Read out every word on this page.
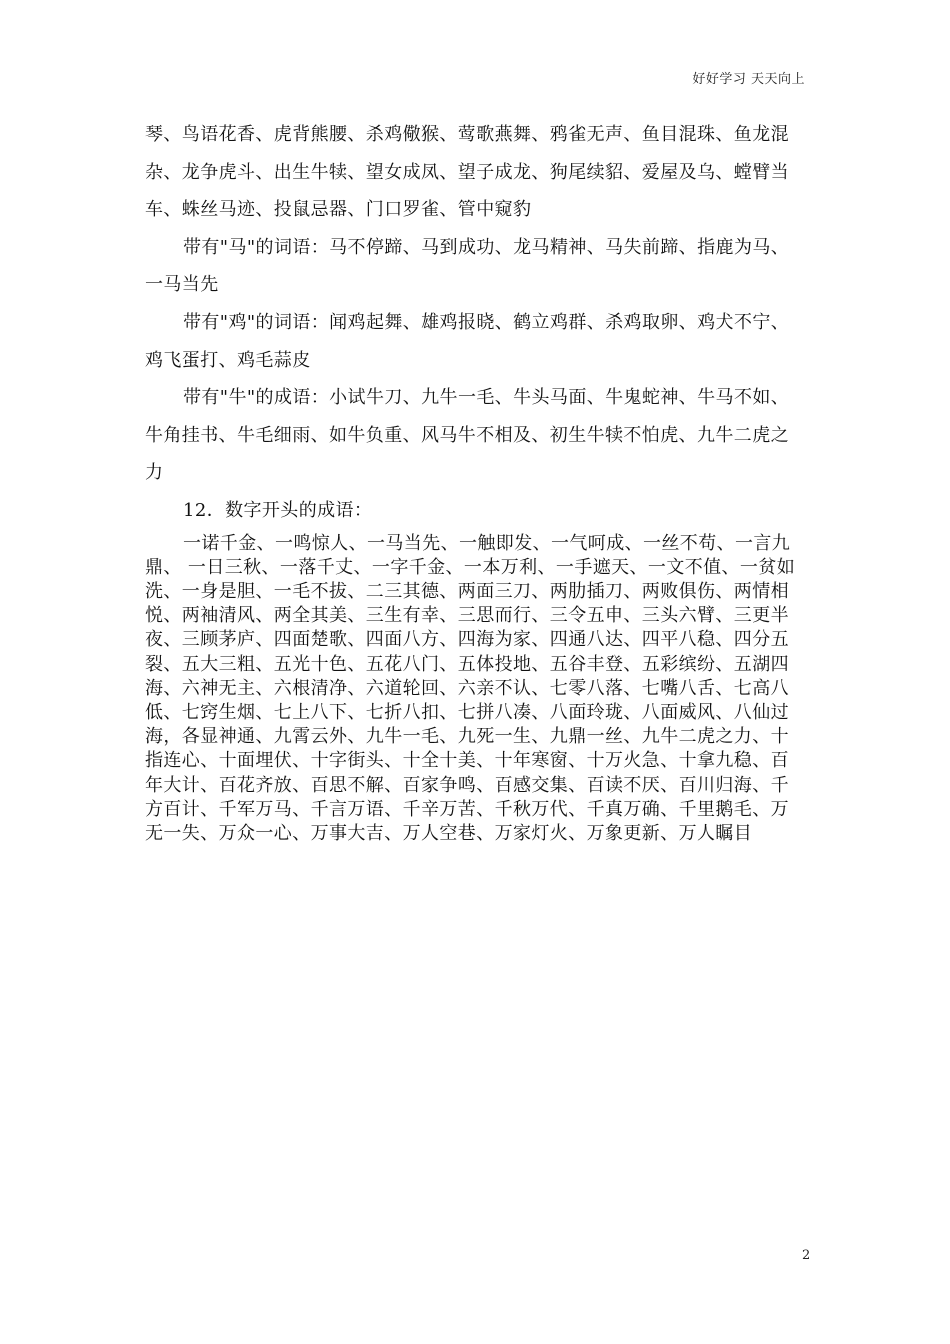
好好学习 天天向上

琴、鸟语花香、虎背熊腰、杀鸡儆猴、莺歌燕舞、鸦雀无声、鱼目混珠、鱼龙混杂、龙争虎斗、出生牛犊、望女成凤、望子成龙、狗尾续貂、爱屋及乌、螳臂当车、蛛丝马迹、投鼠忌器、门口罗雀、管中窥豹

带有"马"的词语：马不停蹄、马到成功、龙马精神、马失前蹄、指鹿为马、一马当先

带有"鸡"的词语：闻鸡起舞、雄鸡报晓、鹤立鸡群、杀鸡取卵、鸡犬不宁、鸡飞蛋打、鸡毛蒜皮

带有"牛"的成语：小试牛刀、九牛一毛、牛头马面、牛鬼蛇神、牛马不如、牛角挂书、牛毛细雨、如牛负重、风马牛不相及、初生牛犊不怕虎、九牛二虎之力

12．数字开头的成语：

一诺千金、一鸣惊人、一马当先、一触即发、一气呵成、一丝不苟、一言九鼎、 一日三秋、一落千丈、一字千金、一本万利、一手遮天、一文不值、一贫如洗、一身是胆、一毛不拔、二三其德、两面三刀、两肋插刀、两败俱伤、两情相悦、两袖清风、两全其美、三生有幸、三思而行、三令五申、三头六臂、三更半夜、三顾茅庐、四面楚歌、四面八方、四海为家、四通八达、四平八稳、四分五裂、五大三粗、五光十色、五花八门、五体投地、五谷丰登、五彩缤纷、五湖四海、六神无主、六根清净、六道轮回、六亲不认、七零八落、七嘴八舌、七高八低、七窍生烟、七上八下、七折八扣、七拼八凑、八面玲珑、八面威风、八仙过海，各显神通、九霄云外、九牛一毛、九死一生、九鼎一丝、九牛二虎之力、十指连心、十面埋伏、十字街头、十全十美、十年寒窗、十万火急、十拿九稳、百年大计、百花齐放、百思不解、百家争鸣、百感交集、百读不厌、百川归海、千方百计、千军万马、千言万语、千辛万苦、千秋万代、千真万确、千里鹅毛、万无一失、万众一心、万事大吉、万人空巷、万家灯火、万象更新、万人瞩目

2
